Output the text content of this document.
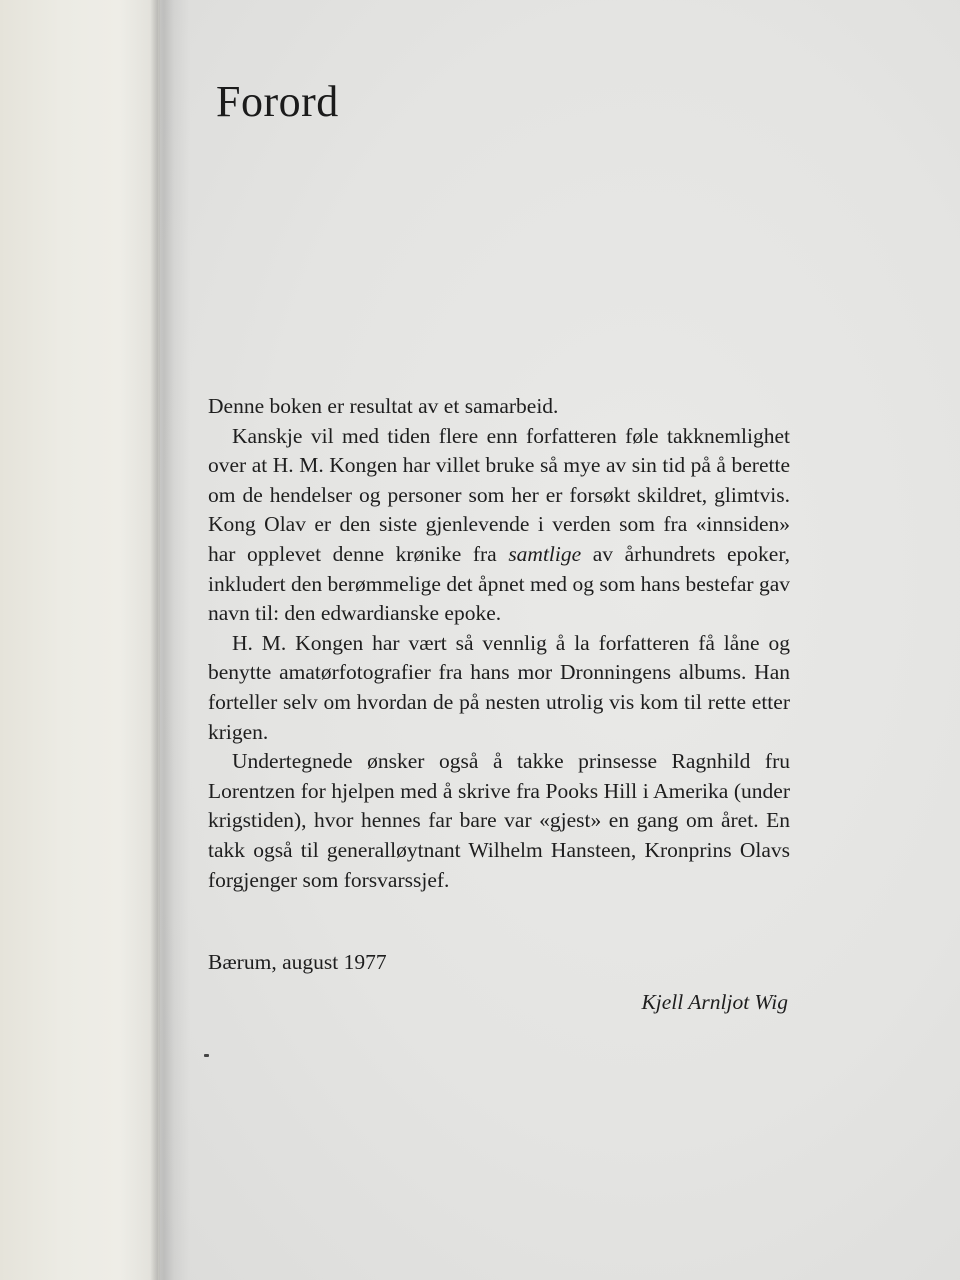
Forord

Denne boken er resultat av et samarbeid.

Kanskje vil med tiden flere enn forfatteren føle takknemlighet over at H. M. Kongen har villet bruke så mye av sin tid på å berette om de hendelser og personer som her er forsøkt skildret, glimtvis. Kong Olav er den siste gjenlevende i verden som fra «innsiden» har opplevet denne krønike fra samtlige av århundrets epoker, inkludert den berømmelige det åpnet med og som hans bestefar gav navn til: den edwardianske epoke.

H. M. Kongen har vært så vennlig å la forfatteren få låne og benytte amatørfotografier fra hans mor Dronningens albums. Han forteller selv om hvordan de på nesten utrolig vis kom til rette etter krigen.

Undertegnede ønsker også å takke prinsesse Ragnhild fru Lorentzen for hjelpen med å skrive fra Pooks Hill i Amerika (under krigstiden), hvor hennes far bare var «gjest» en gang om året. En takk også til generalløytnant Wilhelm Hansteen, Kronprins Olavs forgjenger som forsvarssjef.

Bærum, august 1977

Kjell Arnljot Wig
